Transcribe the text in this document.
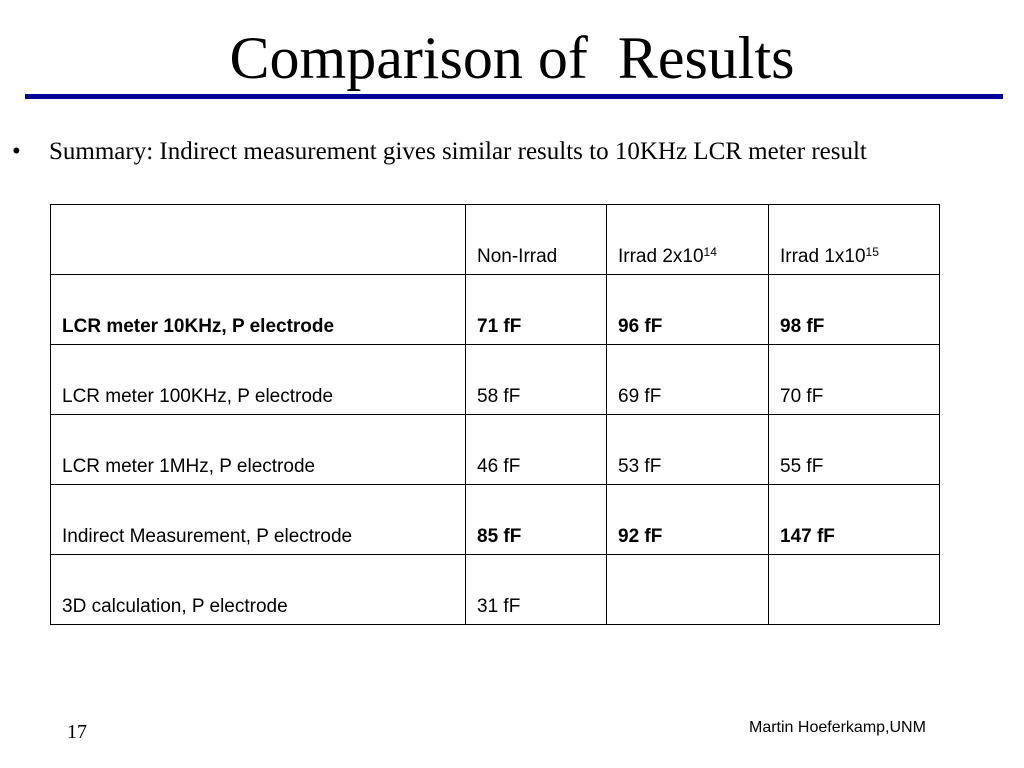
Comparison of  Results
• Summary: Indirect measurement gives similar results to 10KHz LCR meter result
	Non-Irrad	Irrad $2x10^{14}$	Irrad $1x10^{15}$
LCR meter 10KHz, P electrode	71 fF	96 fF	98 fF
LCR meter 100KHz, P electrode	58 fF	69 fF	70 fF
LCR meter 1MHz, P electrode	46 fF	53 fF	55 fF
Indirect Measurement, P electrode	85 fF	92 fF	147 fF
3D calculation, P electrode	31 fF		
17	Martin Hoeferkamp,UNM
